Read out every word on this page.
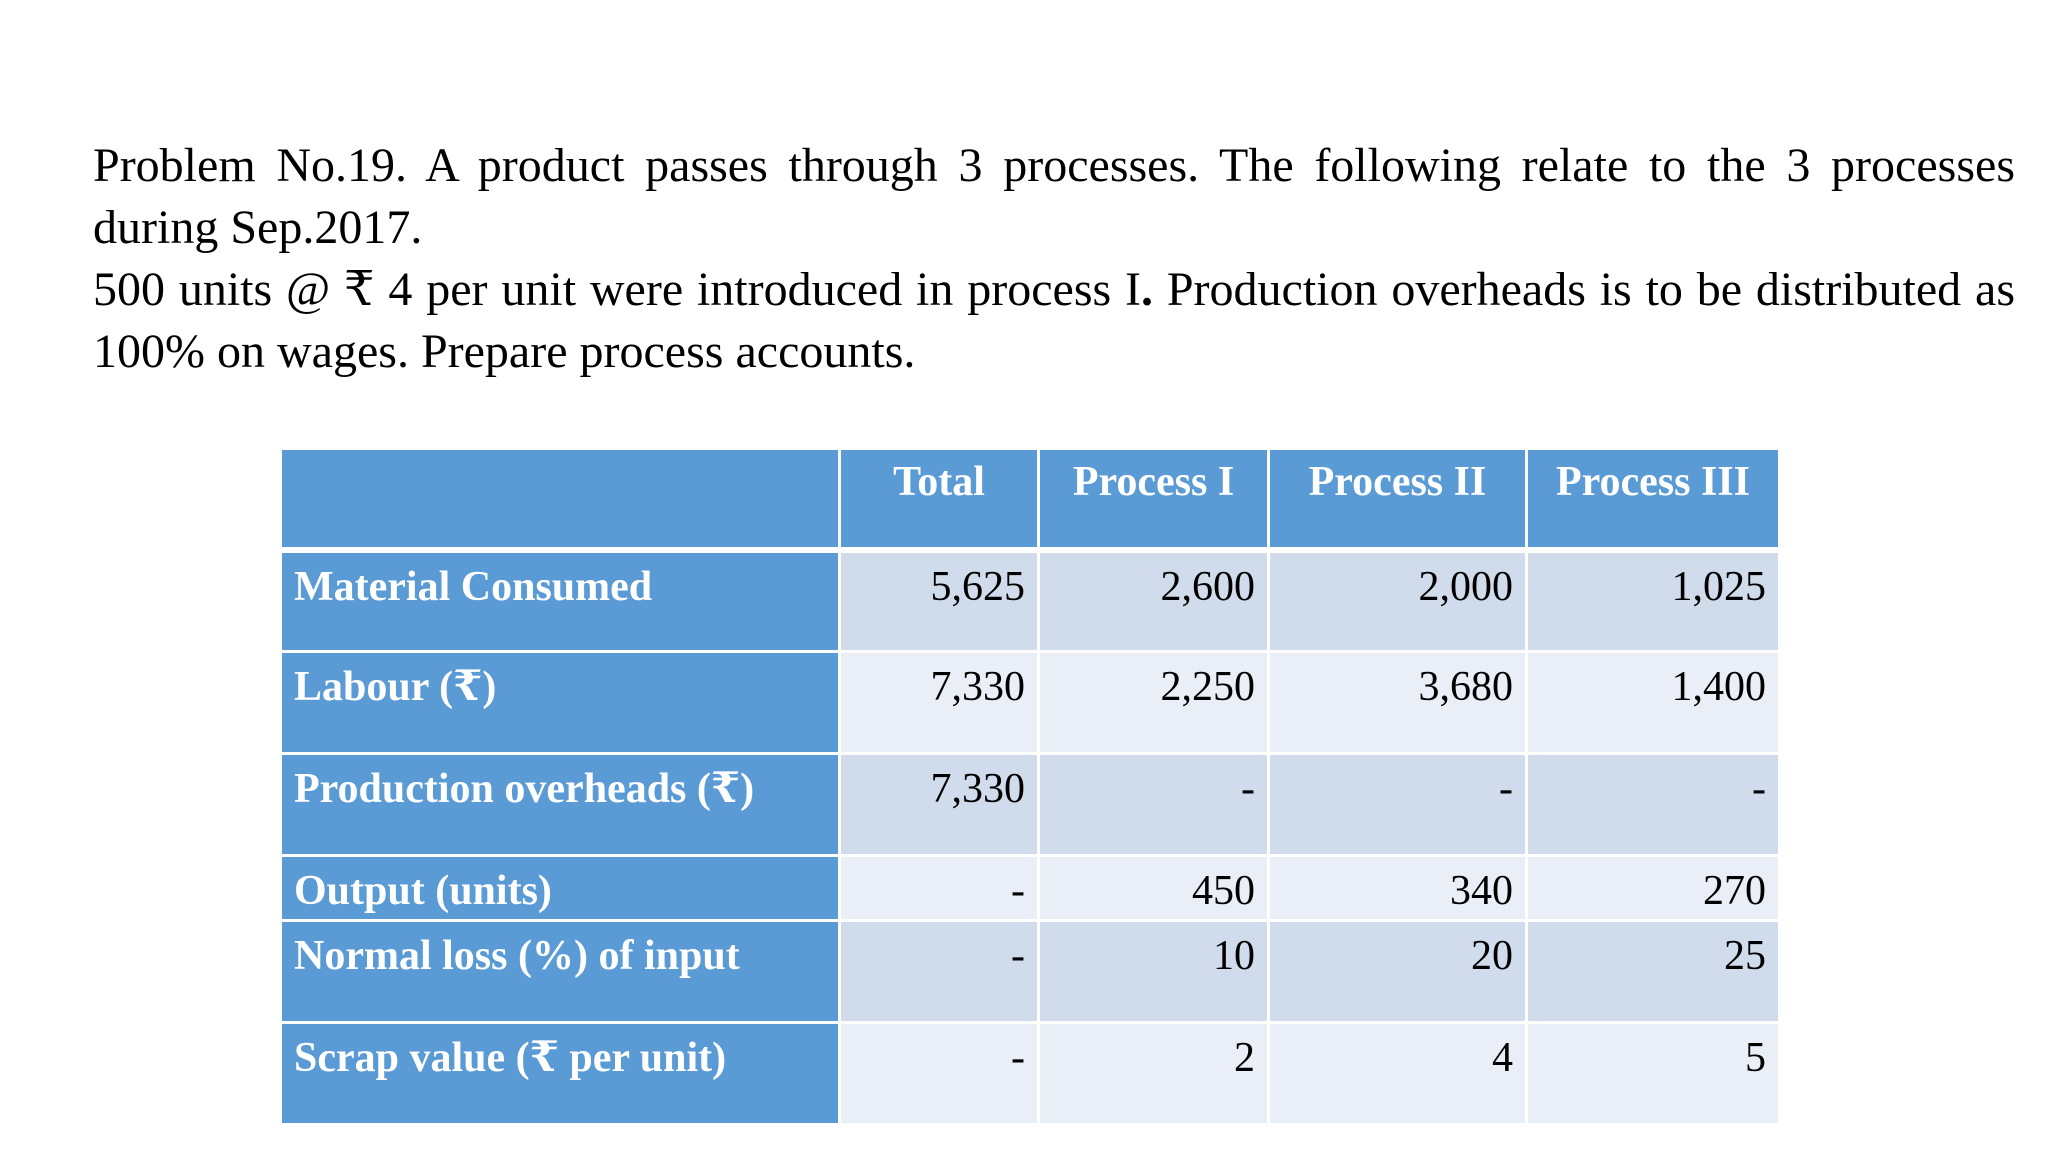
Problem No.19. A product passes through 3 processes. The following relate to the 3 processes during Sep.2017.

500 units @ ₹ 4 per unit were introduced in process I. Production overheads is to be distributed as 100% on wages. Prepare process accounts.

	Total	Process I	Process II	Process III
Material Consumed	5,625	2,600	2,000	1,025
Labour (₹)	7,330	2,250	3,680	1,400
Production overheads (₹)	7,330	-	-	-
Output (units)	-	450	340	270
Normal loss (%) of input	-	10	20	25
Scrap value (₹ per unit)	-	2	4	5
